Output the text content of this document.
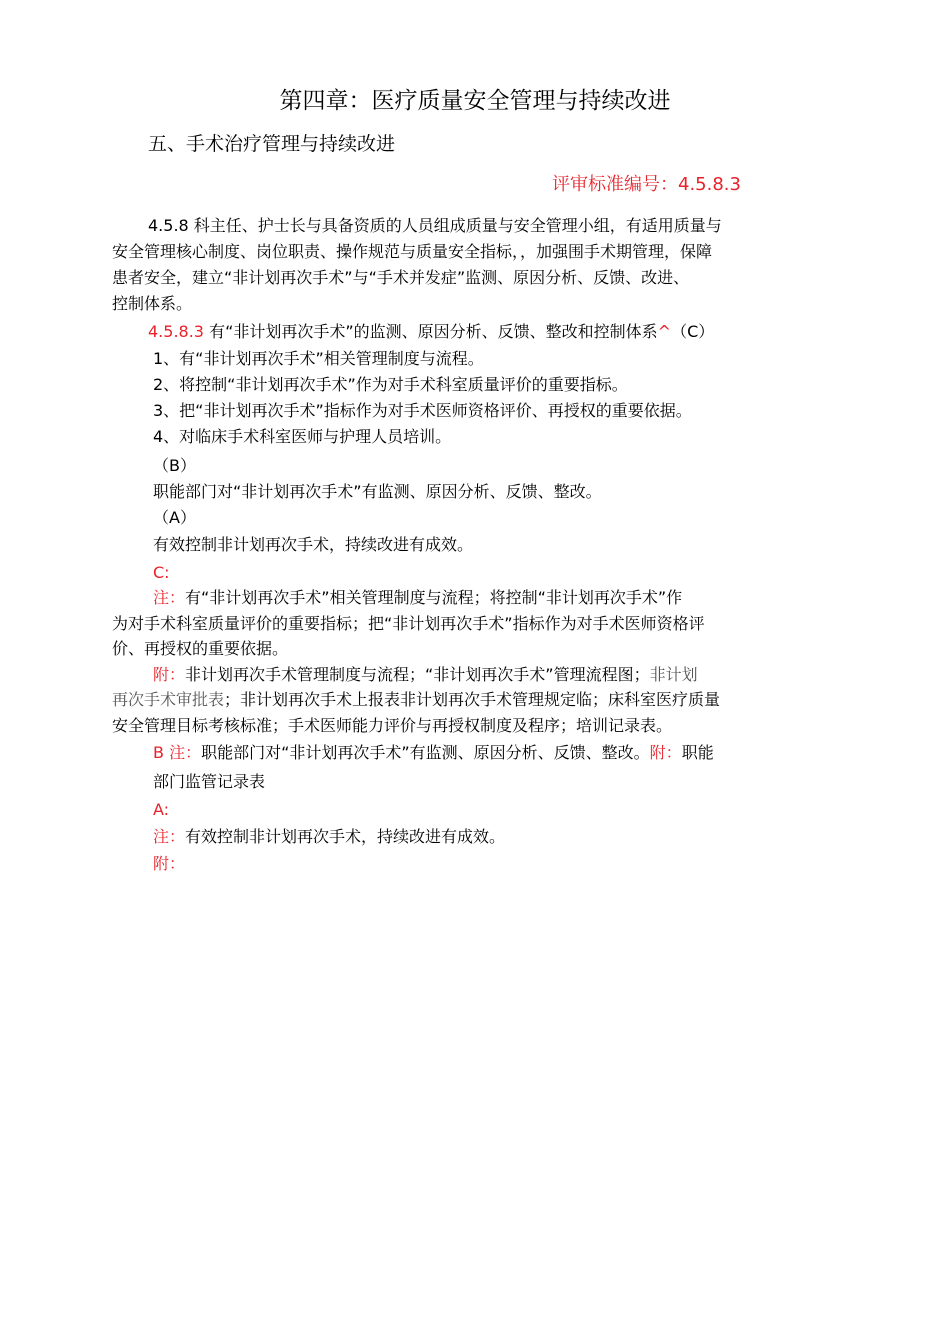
第四章：医疗质量安全管理与持续改进
五、手术治疗管理与持续改进
评审标准编号：4.5.8.3
4.5.8 科主任、护士长与具备资质的人员组成质量与安全管理小组，有适用质量与
安全管理核心制度、岗位职责、操作规范与质量安全指标，，加强围手术期管理，保障
患者安全，建立“非计划再次手术”与“手术并发症”监测、原因分析、反馈、改进、
控制体系。
4.5.8.3 有“非计划再次手术”的监测、原因分析、反馈、整改和控制体系^（C）
1、有“非计划再次手术”相关管理制度与流程。
2、将控制“非计划再次手术”作为对手术科室质量评价的重要指标。
3、把“非计划再次手术”指标作为对手术医师资格评价、再授权的重要依据。
4、对临床手术科室医师与护理人员培训。
（B）
职能部门对“非计划再次手术”有监测、原因分析、反馈、整改。
（A）
有效控制非计划再次手术，持续改进有成效。
C:
注：有“非计划再次手术”相关管理制度与流程；将控制“非计划再次手术”作
为对手术科室质量评价的重要指标；把“非计划再次手术”指标作为对手术医师资格评
价、再授权的重要依据。
附：非计划再次手术管理制度与流程；“非计划再次手术”管理流程图；非计划
再次手术审批表；非计划再次手术上报表非计划再次手术管理规定临；床科室医疗质量
安全管理目标考核标准；手术医师能力评价与再授权制度及程序；培训记录表。
B 注：职能部门对“非计划再次手术”有监测、原因分析、反馈、整改。附：职能
部门监管记录表
A:
注：有效控制非计划再次手术，持续改进有成效。
附：
